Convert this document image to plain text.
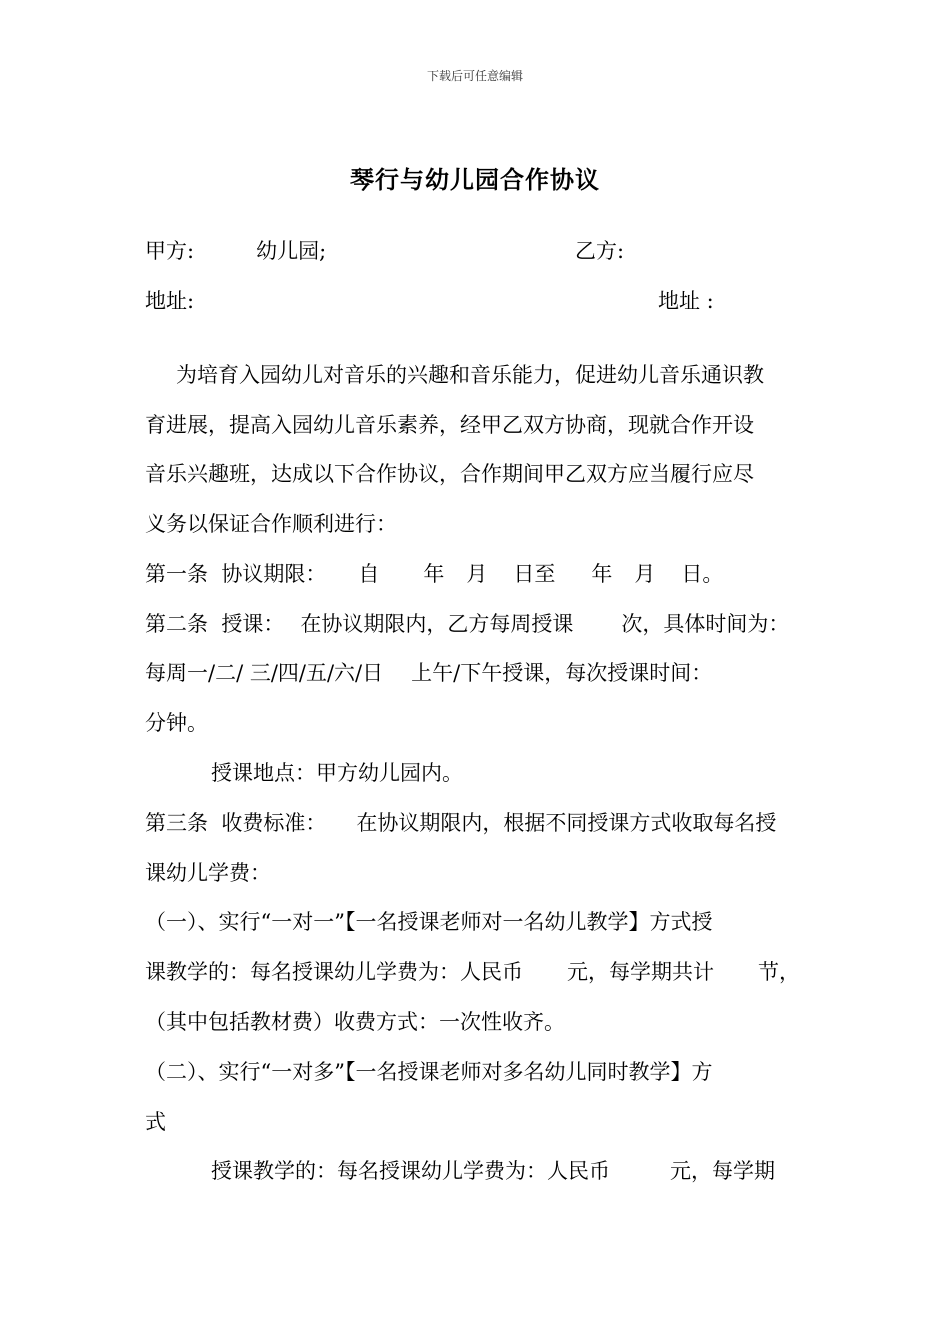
下载后可任意编辑
琴行与幼儿园合作协议
甲方:	幼儿园;	乙方:
地址:	地址 :
为培育入园幼儿对音乐的兴趣和音乐能力，促进幼儿音乐通识教
育进展，提高入园幼儿音乐素养，经甲乙双方协商，现就合作开设
音乐兴趣班，达成以下合作协议，合作期间甲乙双方应当履行应尽
义务以保证合作顺利进行：
第一条  协议期限： 自 年 月 日至 年 月 日。
第二条  授课： 在协议期限内，乙方每周授课 次，具体时间为：
每周一/二/ 三/四/五/六/日 上午/下午授课，每次授课时间：
分钟。
授课地点：甲方幼儿园内。
第三条  收费标准： 在协议期限内，根据不同授课方式收取每名授
课幼儿学费：
（一）、实行“一对一”【一名授课老师对一名幼儿教学】方式授
课教学的：每名授课幼儿学费为：人民币 元，每学期共计 节，
（其中包括教材费）收费方式：一次性收齐。
（二）、实行“一对多”【一名授课老师对多名幼儿同时教学】方
式
授课教学的：每名授课幼儿学费为：人民币	元，每学期
